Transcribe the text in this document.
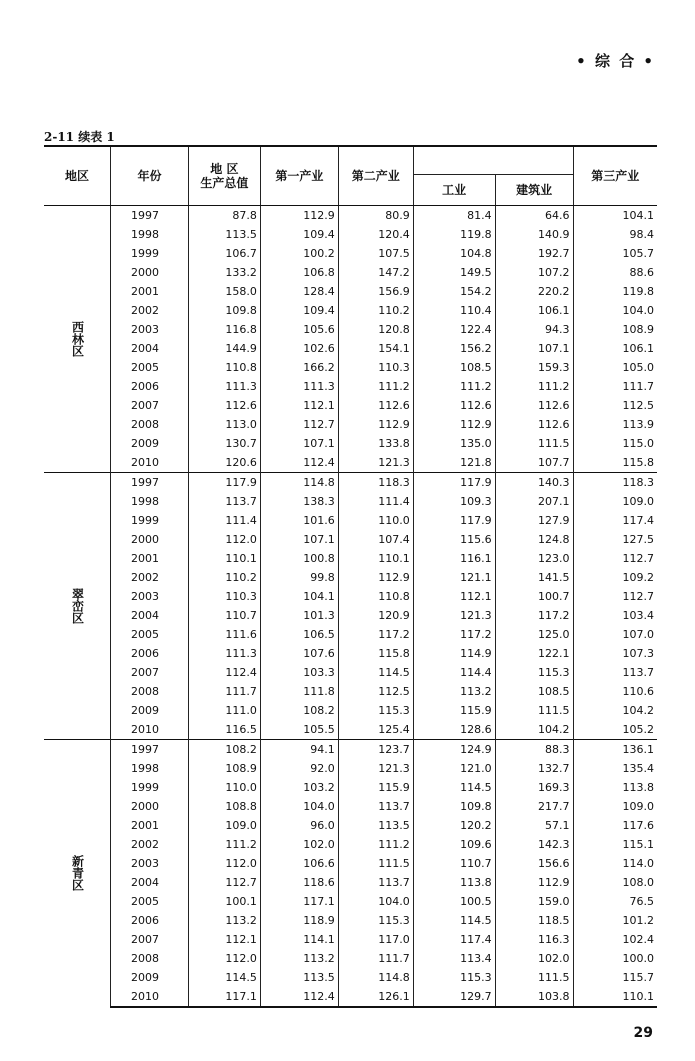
• 综 合 •
2-11 续表 1
地区	年份	地 区
生产总值	第一产业	第二产业			第三产业
					工业	建筑业	
西林区	1997	87.8	112.9	80.9	81.4	64.6	104.1
	1998	113.5	109.4	120.4	119.8	140.9	98.4
	1999	106.7	100.2	107.5	104.8	192.7	105.7
	2000	133.2	106.8	147.2	149.5	107.2	88.6
	2001	158.0	128.4	156.9	154.2	220.2	119.8
	2002	109.8	109.4	110.2	110.4	106.1	104.0
	2003	116.8	105.6	120.8	122.4	94.3	108.9
	2004	144.9	102.6	154.1	156.2	107.1	106.1
	2005	110.8	166.2	110.3	108.5	159.3	105.0
	2006	111.3	111.3	111.2	111.2	111.2	111.7
	2007	112.6	112.1	112.6	112.6	112.6	112.5
	2008	113.0	112.7	112.9	112.9	112.6	113.9
	2009	130.7	107.1	133.8	135.0	111.5	115.0
	2010	120.6	112.4	121.3	121.8	107.7	115.8
翠峦区	1997	117.9	114.8	118.3	117.9	140.3	118.3
	1998	113.7	138.3	111.4	109.3	207.1	109.0
	1999	111.4	101.6	110.0	117.9	127.9	117.4
	2000	112.0	107.1	107.4	115.6	124.8	127.5
	2001	110.1	100.8	110.1	116.1	123.0	112.7
	2002	110.2	99.8	112.9	121.1	141.5	109.2
	2003	110.3	104.1	110.8	112.1	100.7	112.7
	2004	110.7	101.3	120.9	121.3	117.2	103.4
	2005	111.6	106.5	117.2	117.2	125.0	107.0
	2006	111.3	107.6	115.8	114.9	122.1	107.3
	2007	112.4	103.3	114.5	114.4	115.3	113.7
	2008	111.7	111.8	112.5	113.2	108.5	110.6
	2009	111.0	108.2	115.3	115.9	111.5	104.2
	2010	116.5	105.5	125.4	128.6	104.2	105.2
新青区	1997	108.2	94.1	123.7	124.9	88.3	136.1
	1998	108.9	92.0	121.3	121.0	132.7	135.4
	1999	110.0	103.2	115.9	114.5	169.3	113.8
	2000	108.8	104.0	113.7	109.8	217.7	109.0
	2001	109.0	96.0	113.5	120.2	57.1	117.6
	2002	111.2	102.0	111.2	109.6	142.3	115.1
	2003	112.0	106.6	111.5	110.7	156.6	114.0
	2004	112.7	118.6	113.7	113.8	112.9	108.0
	2005	100.1	117.1	104.0	100.5	159.0	76.5
	2006	113.2	118.9	115.3	114.5	118.5	101.2
	2007	112.1	114.1	117.0	117.4	116.3	102.4
	2008	112.0	113.2	111.7	113.4	102.0	100.0
	2009	114.5	113.5	114.8	115.3	111.5	115.7
	2010	117.1	112.4	126.1	129.7	103.8	110.1
29
